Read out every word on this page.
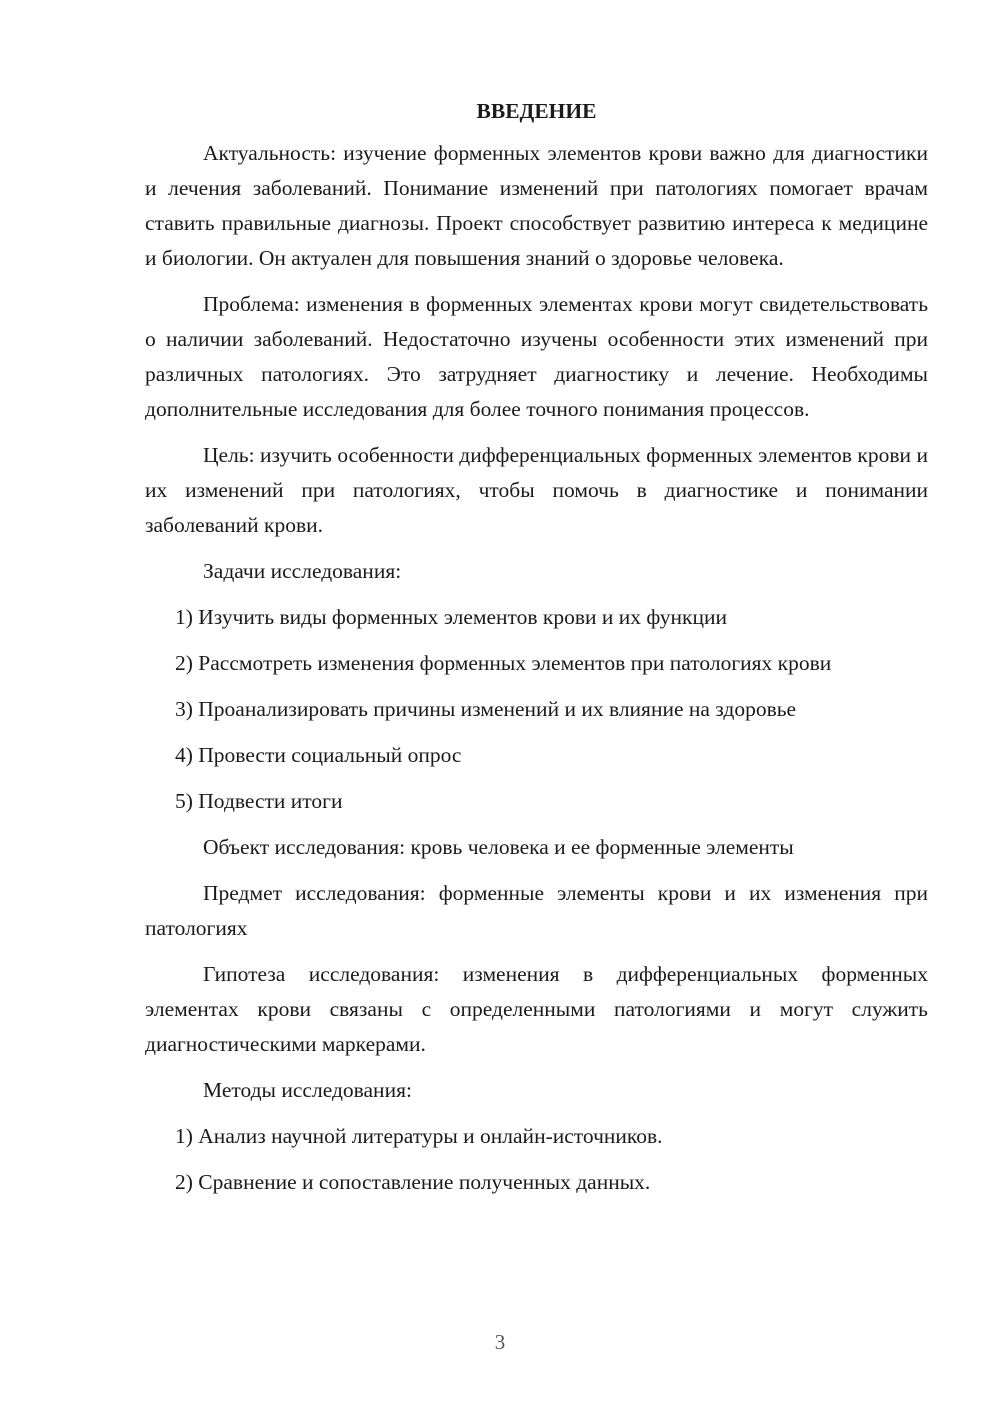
ВВЕДЕНИЕ

Актуальность: изучение форменных элементов крови важно для диагностики и лечения заболеваний. Понимание изменений при патологиях помогает врачам ставить правильные диагнозы. Проект способствует развитию интереса к медицине и биологии. Он актуален для повышения знаний о здоровье человека.

Проблема: изменения в форменных элементах крови могут свидетельствовать о наличии заболеваний. Недостаточно изучены особенности этих изменений при различных патологиях. Это затрудняет диагностику и лечение. Необходимы дополнительные исследования для более точного понимания процессов.

Цель: изучить особенности дифференциальных форменных элементов крови и их изменений при патологиях, чтобы помочь в диагностике и понимании заболеваний крови.

Задачи исследования:

1) Изучить виды форменных элементов крови и их функции

2) Рассмотреть изменения форменных элементов при патологиях крови

3) Проанализировать причины изменений и их влияние на здоровье

4) Провести социальный опрос

5) Подвести итоги

Объект исследования: кровь человека и ее форменные элементы

Предмет исследования: форменные элементы крови и их изменения при патологиях

Гипотеза исследования: изменения в дифференциальных форменных элементах крови связаны с определенными патологиями и могут служить диагностическими маркерами.

Методы исследования:

1) Анализ научной литературы и онлайн-источников.

2) Сравнение и сопоставление полученных данных.

3
